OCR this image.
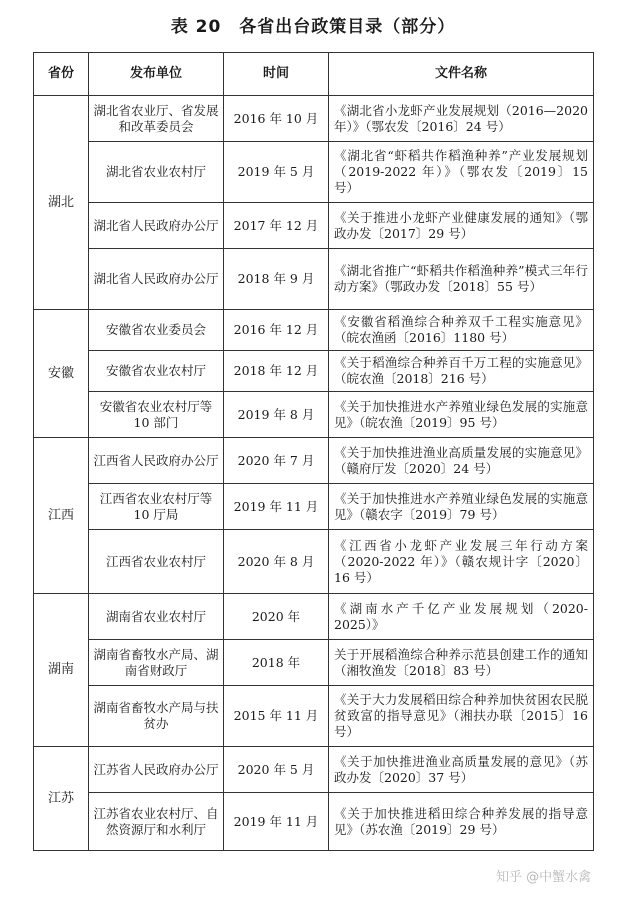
表 20　各省出台政策目录（部分）
省份	发布单位	时间	文件名称
湖北	湖北省农业厅、省发展和改革委员会	2016 年 10 月	《湖北省小龙虾产业发展规划（2016—2020 年）》（鄂农发〔2016〕24 号）
	湖北省农业农村厅	2019 年 5 月	《湖北省“虾稻共作稻渔种养”产业发展规划（2019-2022 年）》（鄂农发〔2019〕15 号）
	湖北省人民政府办公厅	2017 年 12 月	《关于推进小龙虾产业健康发展的通知》（鄂政办发〔2017〕29 号）
	湖北省人民政府办公厅	2018 年 9 月	《湖北省推广“虾稻共作稻渔种养”模式三年行动方案》（鄂政办发〔2018〕55 号）
安徽	安徽省农业委员会	2016 年 12 月	《安徽省稻渔综合种养双千工程实施意见》（皖农渔函〔2016〕1180 号）
	安徽省农业农村厅	2018 年 12 月	《关于稻渔综合种养百千万工程的实施意见》（皖农渔〔2018〕216 号）
	安徽省农业农村厅等 10 部门	2019 年 8 月	《关于加快推进水产养殖业绿色发展的实施意见》（皖农渔〔2019〕95 号）
江西	江西省人民政府办公厅	2020 年 7 月	《关于加快推进渔业高质量发展的实施意见》（赣府厅发〔2020〕24 号）
	江西省农业农村厅等 10 厅局	2019 年 11 月	《关于加快推进水产养殖业绿色发展的实施意见》（赣农字〔2019〕79 号）
	江西省农业农村厅	2020 年 8 月	《江西省小龙虾产业发展三年行动方案（2020-2022 年）》（赣农规计字〔2020〕16 号）
湖南	湖南省农业农村厅	2020 年	《湖南水产千亿产业发展规划（2020-2025）》
	湖南省畜牧水产局、湖南省财政厅	2018 年	关于开展稻渔综合种养示范县创建工作的通知（湘牧渔发〔2018〕83 号）
	湖南省畜牧水产局与扶贫办	2015 年 11 月	《关于大力发展稻田综合种养加快贫困农民脱贫致富的指导意见》（湘扶办联〔2015〕16 号）
江苏	江苏省人民政府办公厅	2020 年 5 月	《关于加快推进渔业高质量发展的意见》（苏政办发〔2020〕37 号）
	江苏省农业农村厅、自然资源厅和水利厅	2019 年 11 月	《关于加快推进稻田综合种养发展的指导意见》（苏农渔〔2019〕29 号）
知乎 @中蟹水禽
